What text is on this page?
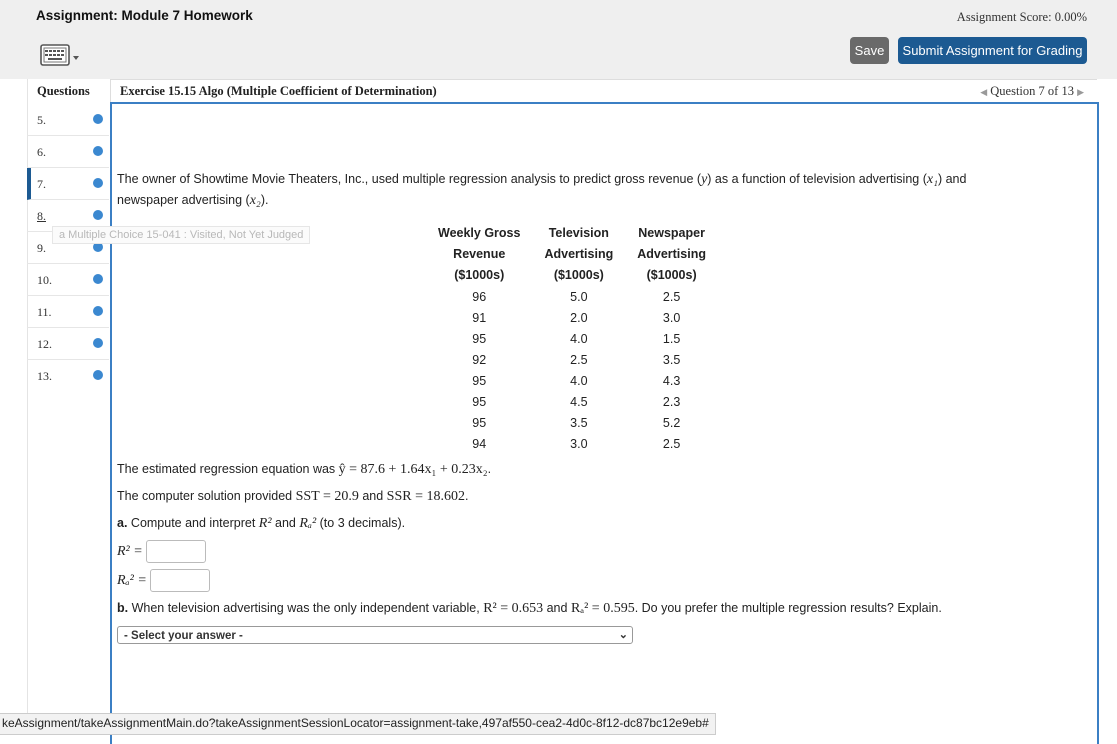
Assignment: Module 7 Homework	Assignment Score: 0.00%
Save	Submit Assignment for Grading
Questions
5.
6.
7.
8.
9.
10.
11.
12.
13.
Exercise 15.15 Algo (Multiple Coefficient of Determination)	◀ Question 7 of 13 ▶
The owner of Showtime Movie Theaters, Inc., used multiple regression analysis to predict gross revenue (y) as a function of television advertising (x₁) and
newspaper advertising (x₂).
Weekly Gross	Television	Newspaper
Revenue	Advertising	Advertising
($1000s)	($1000s)	($1000s)
96	5.0	2.5
91	2.0	3.0
95	4.0	1.5
92	2.5	3.5
95	4.0	4.3
95	4.5	2.3
95	3.5	5.2
94	3.0	2.5
a Multiple Choice 15-041 : Visited, Not Yet Judged
The estimated regression equation was ŷ = 87.6 + 1.64x₁ + 0.23x₂.
The computer solution provided SST = 20.9 and SSR = 18.602.
a. Compute and interpret R² and Rₐ² (to 3 decimals).
R² =
Rₐ² =
b. When television advertising was the only independent variable, R² = 0.653 and Rₐ² = 0.595. Do you prefer the multiple regression results? Explain.
- Select your answer -	⌄
keAssignment/takeAssignmentMain.do?takeAssignmentSessionLocator=assignment-take,497af550-cea2-4d0c-8f12-dc87bc12e9eb#
